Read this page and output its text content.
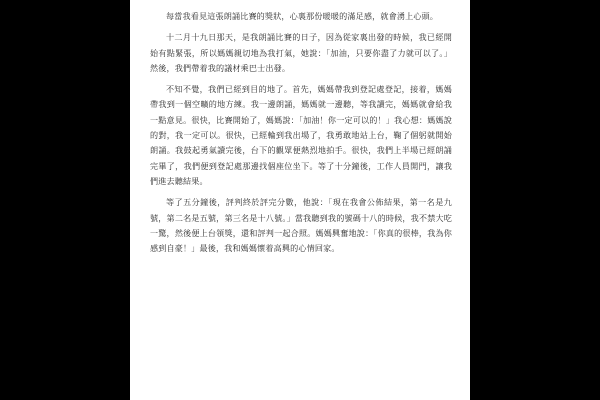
每當我看見這張朗誦比賽的獎狀，心裏那份暖暖的滿足感，就會湧上心頭。

十二月十九日那天，是我朗誦比賽的日子，因為從家裏出發的時候，我已經開始有點緊張，所以媽媽親切地為我打氣，她說：「加油，只要你盡了力就可以了。」然後，我們帶着我的議材乘巴士出發。

不知不覺，我們已經到目的地了。首先，媽媽帶我到登記處登記，接着，媽媽帶我到一個空曠的地方練。我一邊朗誦，媽媽就一邊聽，等我讀完，媽媽就會給我一點意見。很快，比賽開始了，媽媽說：「加油！你一定可以的！」我心想：媽媽說的對，我一定可以。很快，已經輪到我出場了，我勇敢地站上台，鞠了個躬就開始朗誦。我鼓起勇氣讀完後，台下的觀眾便熱烈地拍手。很快，我們上半場已經朗誦完畢了，我們便到登記處那邊找個座位坐下。等了十分鐘後，工作人員開門，讓我們進去聽結果。

等了五分鐘後，評判終於評完分數，他說：「現在我會公佈結果，第一名是九號，第二名是五號，第三名是十八號。」當我聽到我的號碼十八的時候，我不禁大吃一驚，然後便上台領獎，還和評判一起合照。媽媽興奮地說：「你真的很棒，我為你感到自豪！」最後，我和媽媽懷着高興的心情回家。
